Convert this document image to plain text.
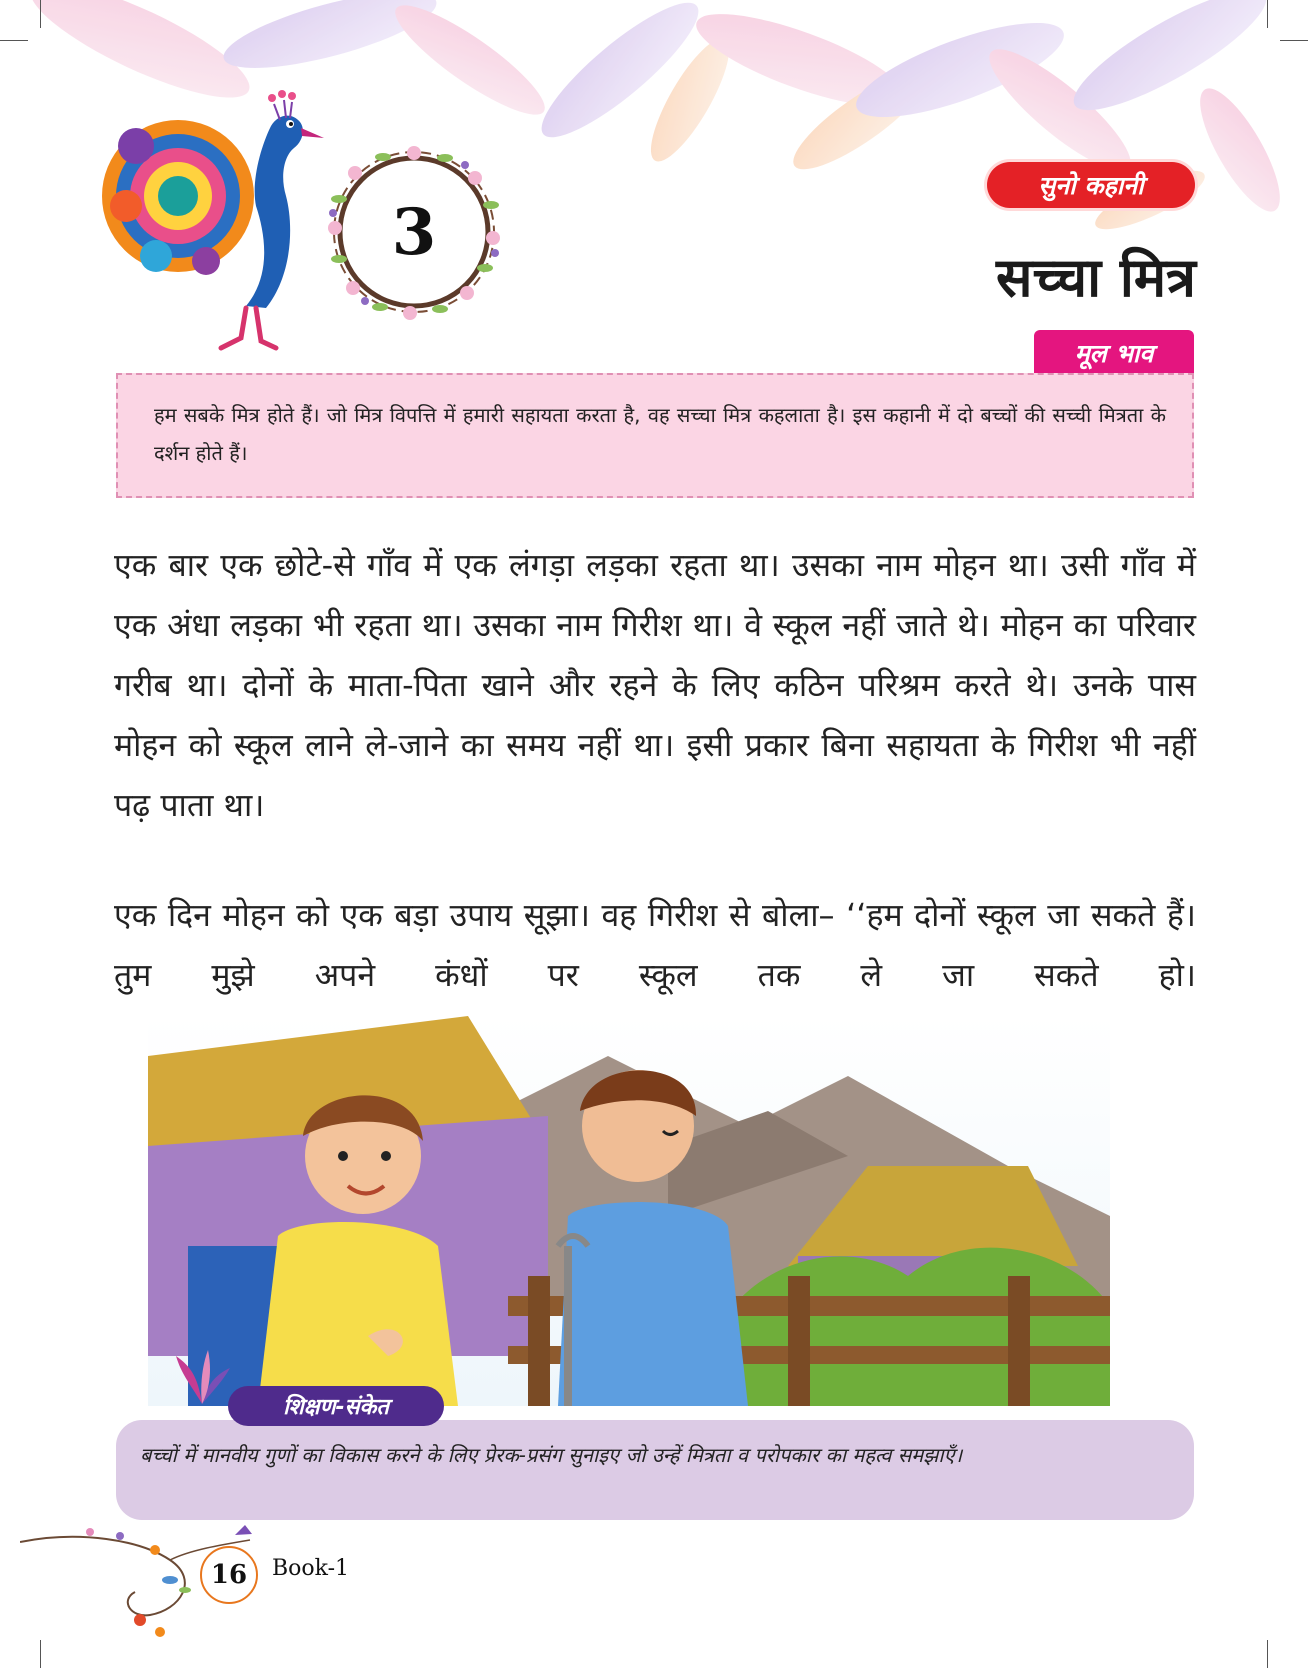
3
सुनो कहानी
सच्चा मित्र
मूल भाव
हम सबके मित्र होते हैं। जो मित्र विपत्ति में हमारी सहायता करता है, वह सच्चा मित्र कहलाता है। इस कहानी में दो बच्चों की सच्ची मित्रता के दर्शन होते हैं।

एक बार एक छोटे-से गाँव में एक लंगड़ा लड़का रहता था। उसका नाम मोहन था। उसी गाँव में एक अंधा लड़का भी रहता था। उसका नाम गिरीश था। वे स्कूल नहीं जाते थे। मोहन का परिवार गरीब था। दोनों के माता-पिता खाने और रहने के लिए कठिन परिश्रम करते थे। उनके पास मोहन को स्कूल लाने ले-जाने का समय नहीं था। इसी प्रकार बिना सहायता के गिरीश भी नहीं पढ़ पाता था।

एक दिन मोहन को एक बड़ा उपाय सूझा। वह गिरीश से बोला– ‘‘हम दोनों स्कूल जा सकते हैं। तुम मुझे अपने कंधों पर स्कूल तक ले जा सकते हो।

शिक्षण-संकेत
बच्चों में मानवीय गुणों का विकास करने के लिए प्रेरक-प्रसंग सुनाइए जो उन्हें मित्रता व परोपकार का महत्व समझाएँ।
16	Book-1
